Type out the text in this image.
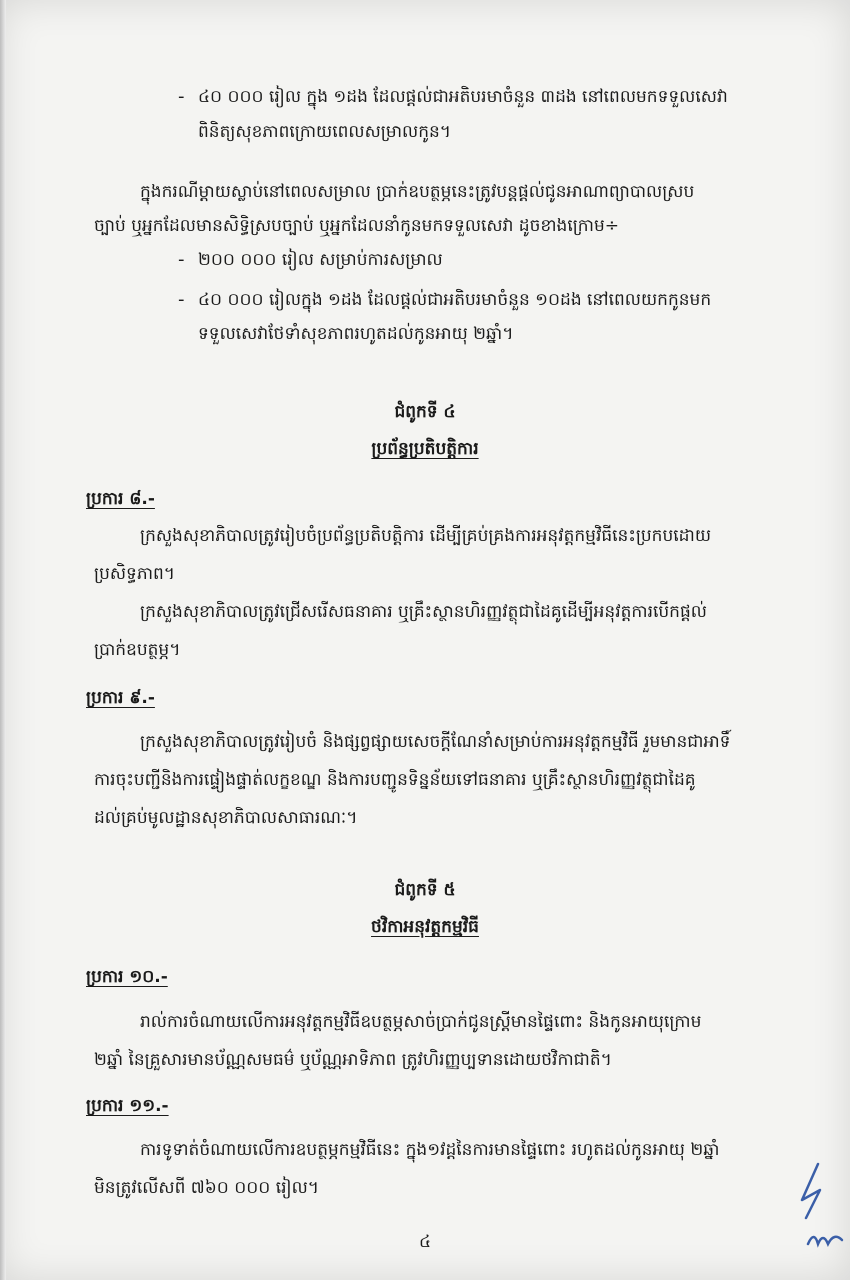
- ៤០ ០០០ រៀល ក្នុង ១ដង ដែលផ្តល់ជាអតិបរមាចំនួន ៣ដង នៅពេលមកទទួលសេវា
ពិនិត្យសុខភាពក្រោយពេលសម្រាលកូន។
ក្នុងករណីម្តាយស្លាប់នៅពេលសម្រាល ប្រាក់ឧបត្ថម្ភនេះត្រូវបន្តផ្តល់ជូនអាណាព្យាបាលស្រប
ច្បាប់ ឬអ្នកដែលមានសិទ្ធិស្របច្បាប់ ឬអ្នកដែលនាំកូនមកទទួលសេវា ដូចខាងក្រោម÷
- ២០០ ០០០ រៀល សម្រាប់ការសម្រាល
- ៤០ ០០០ រៀលក្នុង ១ដង ដែលផ្តល់ជាអតិបរមាចំនួន ១០ដង នៅពេលយកកូនមក
ទទួលសេវាថែទាំសុខភាពរហូតដល់កូនអាយុ ២ឆ្នាំ។
ជំពូកទី ៤
ប្រព័ន្ធប្រតិបត្តិការ
ប្រការ ៨.-
ក្រសួងសុខាភិបាលត្រូវរៀបចំប្រព័ន្ធប្រតិបត្តិការ ដើម្បីគ្រប់គ្រងការអនុវត្តកម្មវិធីនេះប្រកបដោយ
ប្រសិទ្ធភាព។
ក្រសួងសុខាភិបាលត្រូវជ្រើសរើសធនាគារ ឬគ្រឹះស្ថានហិរញ្ញវត្ថុជាដៃគូដើម្បីអនុវត្តការបើកផ្តល់
ប្រាក់ឧបត្ថម្ភ។
ប្រការ ៩.-
ក្រសួងសុខាភិបាលត្រូវរៀបចំ និងផ្សព្វផ្សាយសេចក្តីណែនាំសម្រាប់ការអនុវត្តកម្មវិធី រួមមានជាអាទិ៍
ការចុះបញ្ជីនិងការផ្ទៀងផ្ទាត់លក្ខខណ្ឌ និងការបញ្ជូនទិន្នន័យទៅធនាគារ ឬគ្រឹះស្ថានហិរញ្ញវត្ថុជាដៃគូ
ដល់គ្រប់មូលដ្ឋានសុខាភិបាលសាធារណៈ។
ជំពូកទី ៥
ថវិកាអនុវត្តកម្មវិធី
ប្រការ ១០.-
រាល់ការចំណាយលើការអនុវត្តកម្មវិធីឧបត្ថម្ភសាច់ប្រាក់ជូនស្រ្តីមានផ្ទៃពោះ និងកូនអាយុក្រោម
២ឆ្នាំ នៃគ្រួសារមានប័ណ្ណសមធម៌ ឬប័ណ្ណអាទិភាព ត្រូវហិរញ្ញប្បទានដោយថវិកាជាតិ។
ប្រការ ១១.-
ការទូទាត់ចំណាយលើការឧបត្ថម្ភកម្មវិធីនេះ ក្នុង១វដ្តនៃការមានផ្ទៃពោះ រហូតដល់កូនអាយុ ២ឆ្នាំ
មិនត្រូវលើសពី ៧៦០ ០០០ រៀល។
៤
